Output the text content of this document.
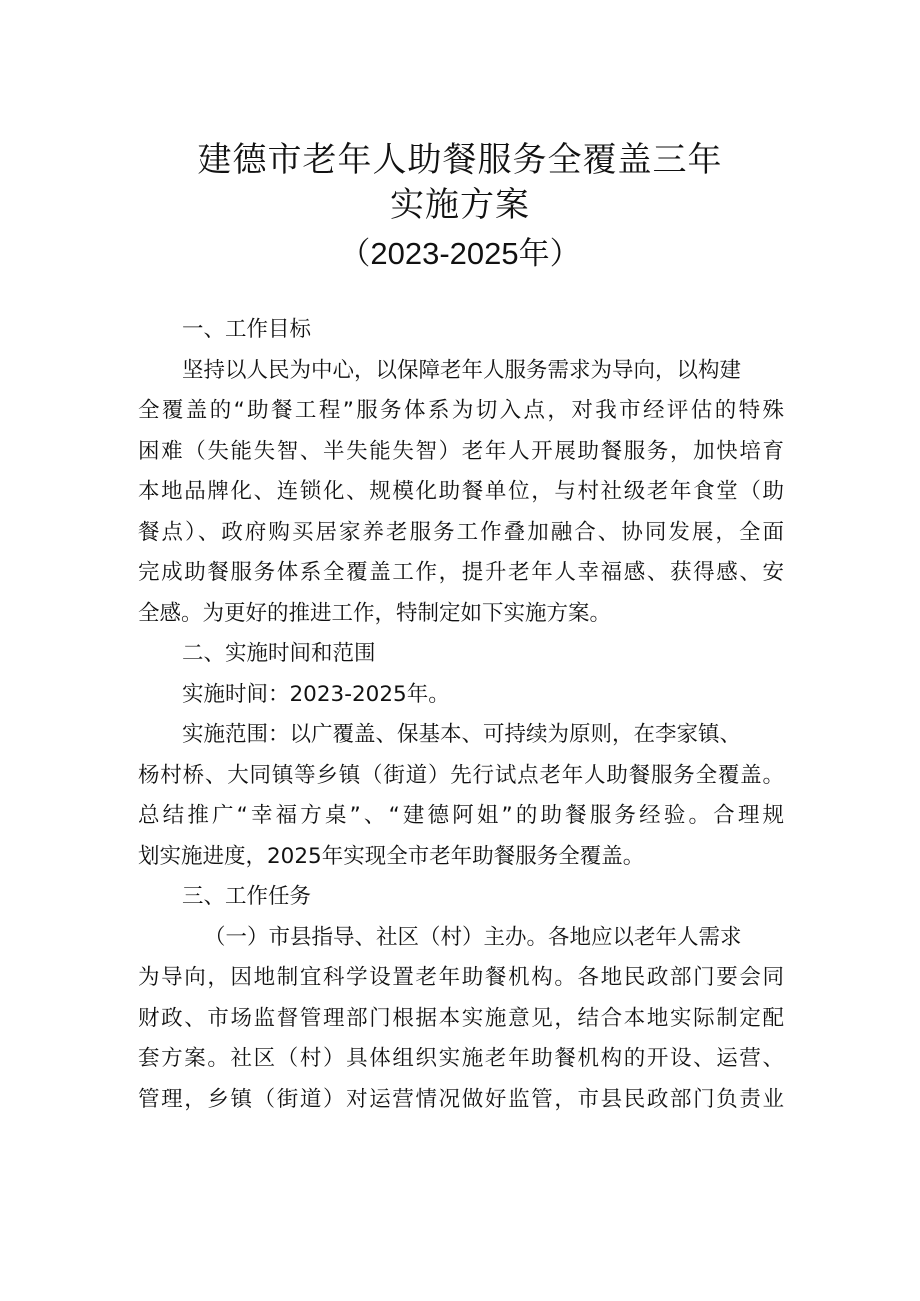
建德市老年人助餐服务全覆盖三年
实施方案
（2023-2025年）
一、工作目标
坚持以人民为中心，以保障老年人服务需求为导向，以构建
全覆盖的“助餐工程”服务体系为切入点，对我市经评估的特殊
困难（失能失智、半失能失智）老年人开展助餐服务，加快培育
本地品牌化、连锁化、规模化助餐单位，与村社级老年食堂（助
餐点）、政府购买居家养老服务工作叠加融合、协同发展，全面
完成助餐服务体系全覆盖工作，提升老年人幸福感、获得感、安
全感。为更好的推进工作，特制定如下实施方案。
二、实施时间和范围
实施时间：2023-2025年。
实施范围：以广覆盖、保基本、可持续为原则，在李家镇、
杨村桥、大同镇等乡镇（街道）先行试点老年人助餐服务全覆盖。
总结推广“幸福方桌”、“建德阿姐”的助餐服务经验。合理规
划实施进度，2025年实现全市老年助餐服务全覆盖。
三、工作任务
（一）市县指导、社区（村）主办。各地应以老年人需求
为导向，因地制宜科学设置老年助餐机构。各地民政部门要会同
财政、市场监督管理部门根据本实施意见，结合本地实际制定配
套方案。社区（村）具体组织实施老年助餐机构的开设、运营、
管理，乡镇（街道）对运营情况做好监管，市县民政部门负责业
